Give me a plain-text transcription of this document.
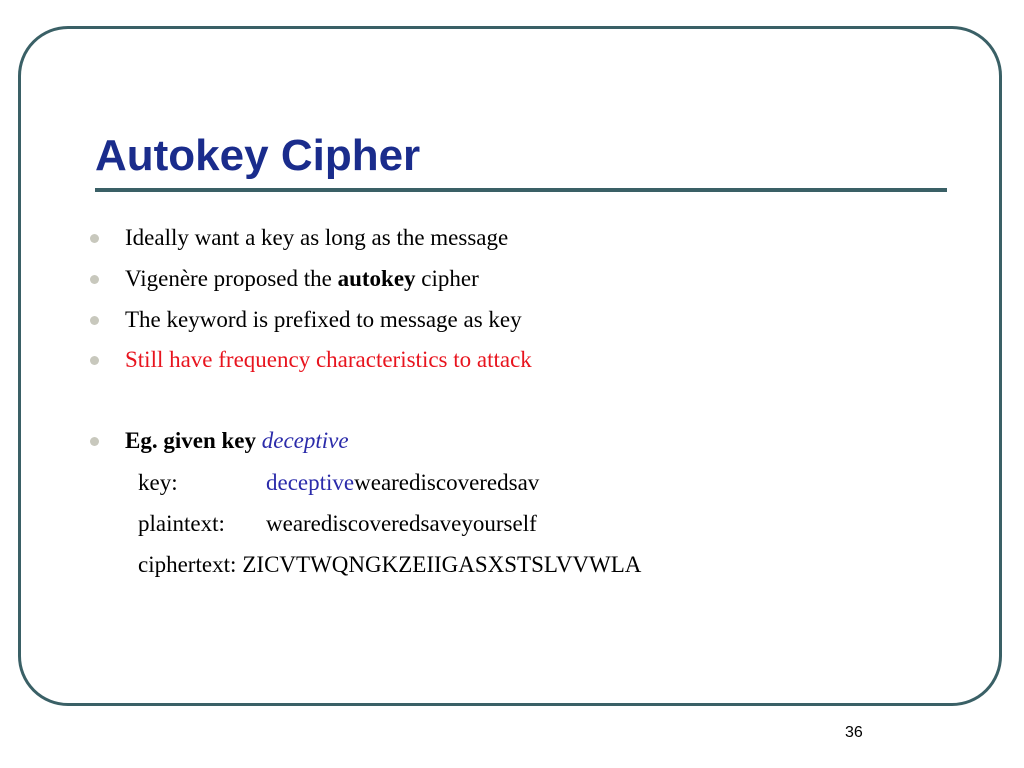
Autokey Cipher
Ideally want a key as long as the message
Vigenère proposed the autokey cipher
The keyword is prefixed to message as key
Still have frequency characteristics to attack
Eg. given key deceptive
key:	deceptivewearediscoveredsav
plaintext: wearediscoveredsaveyourself
ciphertext: ZICVTWQNGKZEIIGASXSTSLVVWLA
36
